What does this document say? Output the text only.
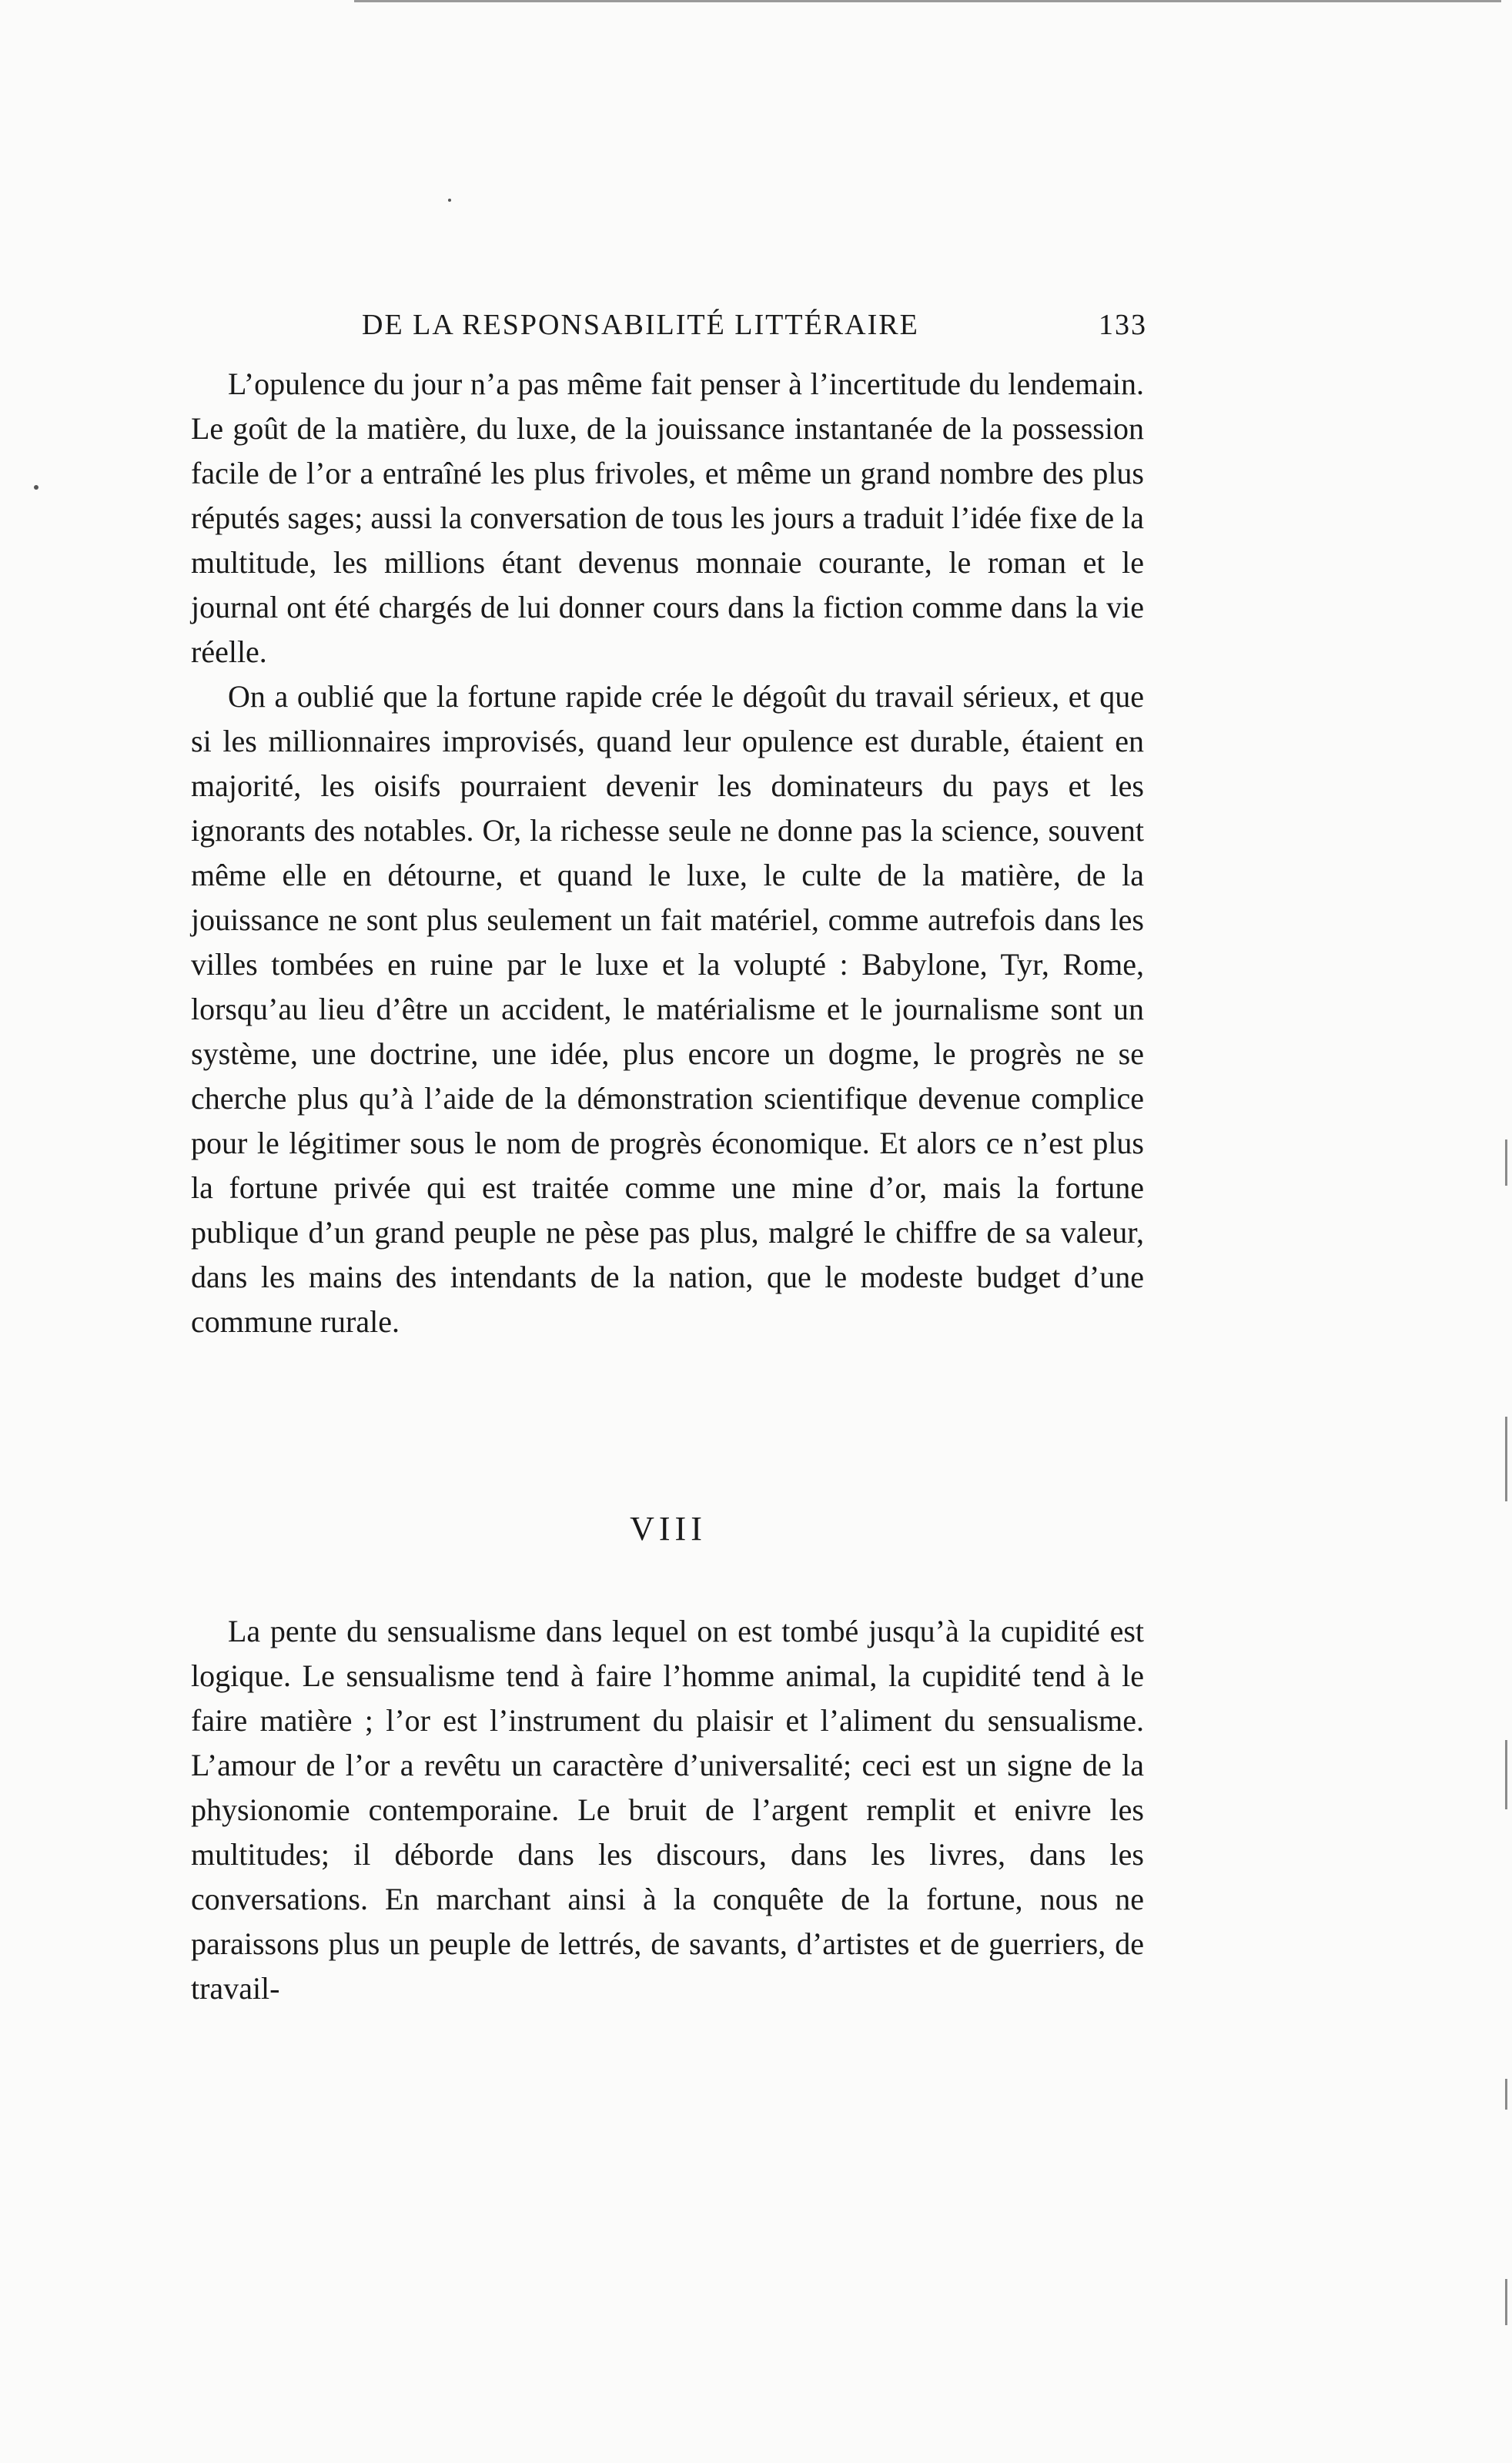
DE LA RESPONSABILITÉ LITTÉRAIRE	133

L’opulence du jour n’a pas même fait penser à l’incertitude du lendemain. Le goût de la matière, du luxe, de la jouissance instantanée de la possession facile de l’or a entraîné les plus frivoles, et même un grand nombre des plus réputés sages; aussi la conversation de tous les jours a traduit l’idée fixe de la multitude, les millions étant devenus monnaie courante, le roman et le journal ont été chargés de lui donner cours dans la fiction comme dans la vie réelle.

On a oublié que la fortune rapide crée le dégoût du travail sérieux, et que si les millionnaires improvisés, quand leur opulence est durable, étaient en majorité, les oisifs pourraient devenir les dominateurs du pays et les ignorants des notables. Or, la richesse seule ne donne pas la science, souvent même elle en détourne, et quand le luxe, le culte de la matière, de la jouissance ne sont plus seulement un fait matériel, comme autrefois dans les villes tombées en ruine par le luxe et la volupté : Babylone, Tyr, Rome, lorsqu’au lieu d’être un accident, le matérialisme et le journalisme sont un système, une doctrine, une idée, plus encore un dogme, le progrès ne se cherche plus qu’à l’aide de la démonstration scientifique devenue complice pour le légitimer sous le nom de progrès économique. Et alors ce n’est plus la fortune privée qui est traitée comme une mine d’or, mais la fortune publique d’un grand peuple ne pèse pas plus, malgré le chiffre de sa valeur, dans les mains des intendants de la nation, que le modeste budget d’une commune rurale.

VIII

La pente du sensualisme dans lequel on est tombé jusqu’à la cupidité est logique. Le sensualisme tend à faire l’homme animal, la cupidité tend à le faire matière ; l’or est l’instrument du plaisir et l’aliment du sensualisme. L’amour de l’or a revêtu un caractère d’universalité; ceci est un signe de la physionomie contemporaine. Le bruit de l’argent remplit et enivre les multitudes; il déborde dans les discours, dans les livres, dans les conversations. En marchant ainsi à la conquête de la fortune, nous ne paraissons plus un peuple de lettrés, de savants, d’artistes et de guerriers, de travail-
